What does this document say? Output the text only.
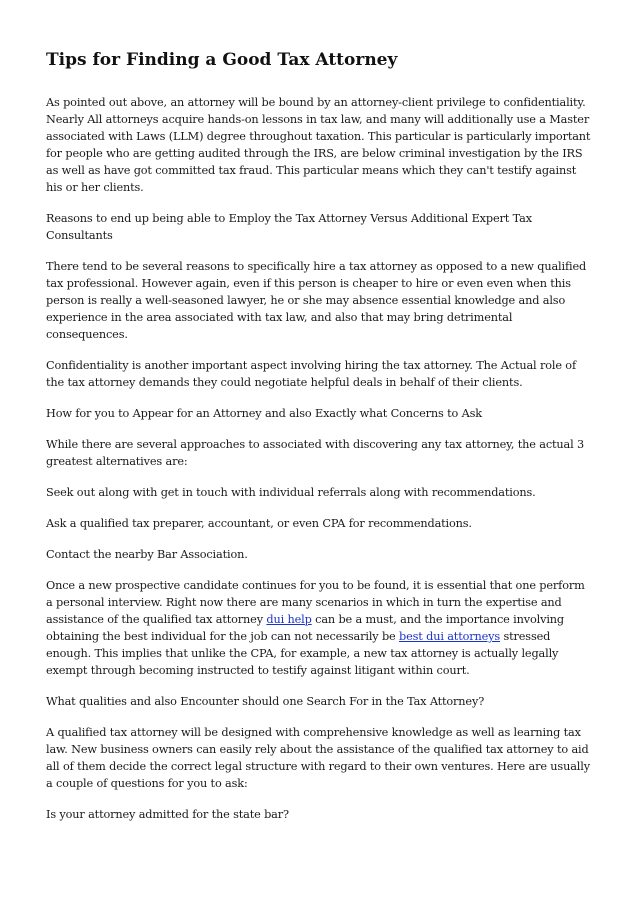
Tips for Finding a Good Tax Attorney

As pointed out above, an attorney will be bound by an attorney-client privilege to confidentiality. Nearly All attorneys acquire hands-on lessons in tax law, and many will additionally use a Master associated with Laws (LLM) degree throughout taxation. This particular is particularly important for people who are getting audited through the IRS, are below criminal investigation by the IRS as well as have got committed tax fraud. This particular means which they can't testify against his or her clients.

Reasons to end up being able to Employ the Tax Attorney Versus Additional Expert Tax Consultants

There tend to be several reasons to specifically hire a tax attorney as opposed to a new qualified tax professional. However again, even if this person is cheaper to hire or even even when this person is really a well-seasoned lawyer, he or she may absence essential knowledge and also experience in the area associated with tax law, and also that may bring detrimental consequences.

Confidentiality is another important aspect involving hiring the tax attorney. The Actual role of the tax attorney demands they could negotiate helpful deals in behalf of their clients.

How for you to Appear for an Attorney and also Exactly what Concerns to Ask

While there are several approaches to associated with discovering any tax attorney, the actual 3 greatest alternatives are:

Seek out along with get in touch with individual referrals along with recommendations.

Ask a qualified tax preparer, accountant, or even CPA for recommendations.

Contact the nearby Bar Association.

Once a new prospective candidate continues for you to be found, it is essential that one perform a personal interview. Right now there are many scenarios in which in turn the expertise and assistance of the qualified tax attorney dui help can be a must, and the importance involving obtaining the best individual for the job can not necessarily be best dui attorneys stressed enough. This implies that unlike the CPA, for example, a new tax attorney is actually legally exempt through becoming instructed to testify against litigant within court.

What qualities and also Encounter should one Search For in the Tax Attorney?

A qualified tax attorney will be designed with comprehensive knowledge as well as learning tax law. New business owners can easily rely about the assistance of the qualified tax attorney to aid all of them decide the correct legal structure with regard to their own ventures. Here are usually a couple of questions for you to ask:

Is your attorney admitted for the state bar?
